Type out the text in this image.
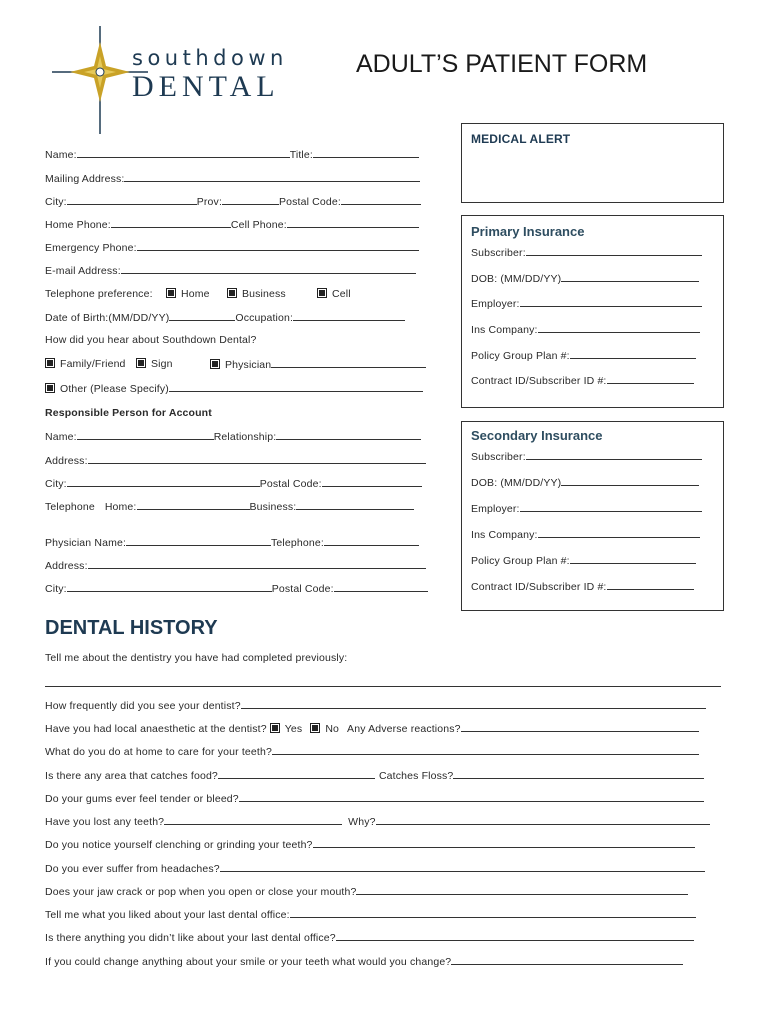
southdown
DENTAL
ADULT’S PATIENT FORM
Name:	Title:
Mailing Address:
City:	Prov:	Postal Code:
Home Phone:	Cell Phone:
Emergency Phone:
E-mail Address:
Telephone preference:	Home	Business	Cell
Date of Birth:(MM/DD/YY)	Occupation:
How did you hear about Southdown Dental?
Family/Friend	Sign	Physician
Other (Please Specify)
Responsible Person for Account
Name:	Relationship:
Address:
City:	Postal Code:
Telephone Home:	Business:
Physician Name:	Telephone:
Address:
City:	Postal Code:
MEDICAL ALERT
Primary Insurance
Subscriber:
DOB: (MM/DD/YY)
Employer:
Ins Company:
Policy Group Plan #:
Contract ID/Subscriber ID #:
Secondary Insurance
Subscriber:
DOB: (MM/DD/YY)
Employer:
Ins Company:
Policy Group Plan #:
Contract ID/Subscriber ID #:
DENTAL HISTORY
Tell me about the dentistry you have had completed previously:
How frequently did you see your dentist?
Have you had local anaesthetic at the dentist? Yes No Any Adverse reactions?
What do you do at home to care for your teeth?
Is there any area that catches food?	Catches Floss?
Do your gums ever feel tender or bleed?
Have you lost any teeth?	Why?
Do you notice yourself clenching or grinding your teeth?
Do you ever suffer from headaches?
Does your jaw crack or pop when you open or close your mouth?
Tell me what you liked about your last dental office:
Is there anything you didn’t like about your last dental office?
If you could change anything about your smile or your teeth what would you change?
